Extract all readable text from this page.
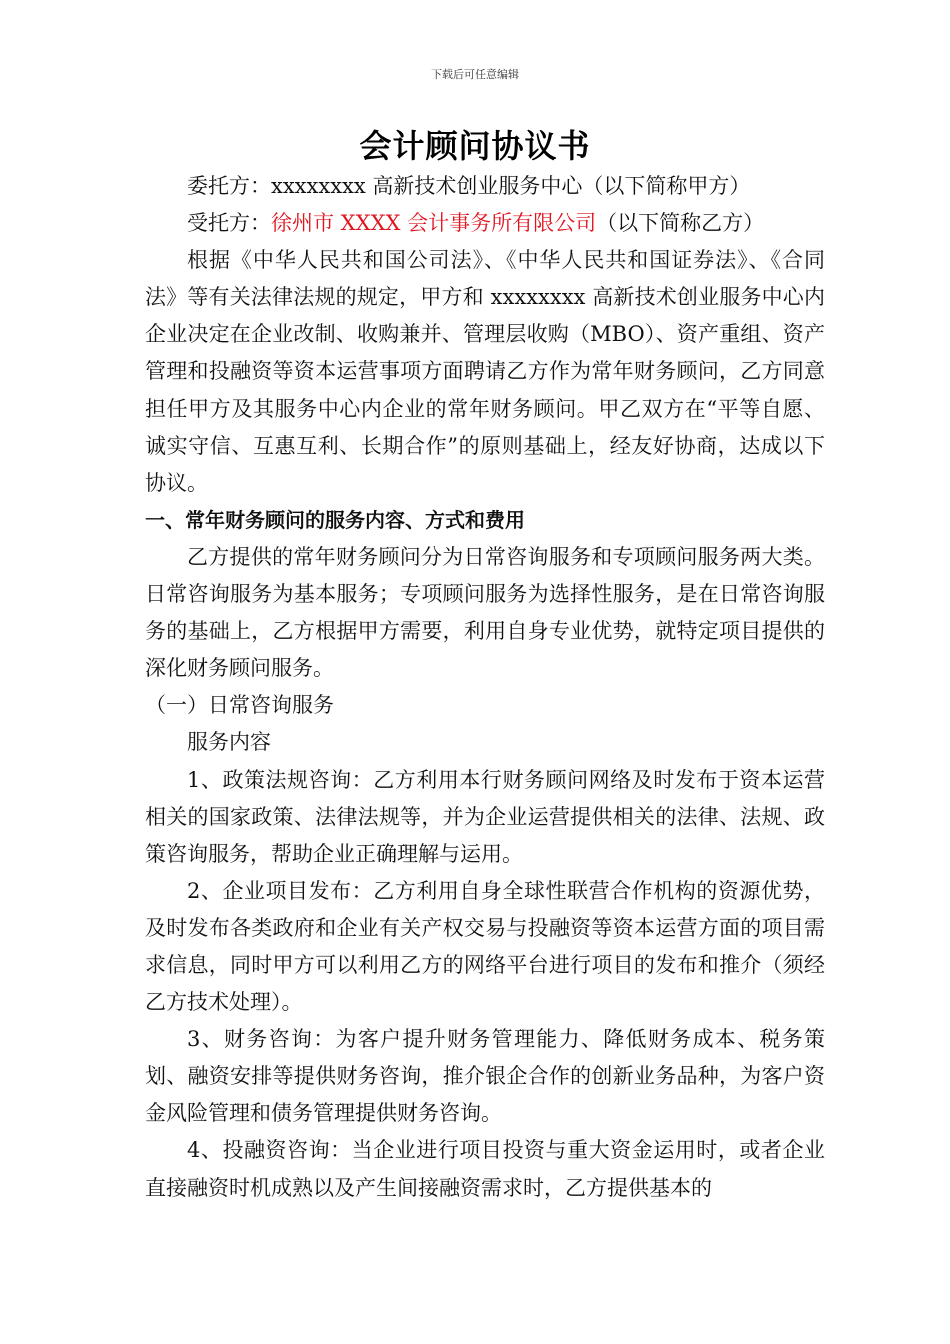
下载后可任意编辑
会计顾问协议书

委托方：xxxxxxxx 高新技术创业服务中心（以下简称甲方）

受托方：徐州市 XXXX 会计事务所有限公司（以下简称乙方）

根据《中华人民共和国公司法》、《中华人民共和国证券法》、《合同法》等有关法律法规的规定，甲方和 xxxxxxxx 高新技术创业服务中心内企业决定在企业改制、收购兼并、管理层收购（MBO）、资产重组、资产管理和投融资等资本运营事项方面聘请乙方作为常年财务顾问，乙方同意担任甲方及其服务中心内企业的常年财务顾问。甲乙双方在“平等自愿、诚实守信、互惠互利、长期合作”的原则基础上，经友好协商，达成以下协议。

一、常年财务顾问的服务内容、方式和费用

乙方提供的常年财务顾问分为日常咨询服务和专项顾问服务两大类。日常咨询服务为基本服务；专项顾问服务为选择性服务，是在日常咨询服务的基础上，乙方根据甲方需要，利用自身专业优势，就特定项目提供的深化财务顾问服务。

（一）日常咨询服务

服务内容

1、政策法规咨询：乙方利用本行财务顾问网络及时发布于资本运营相关的国家政策、法律法规等，并为企业运营提供相关的法律、法规、政策咨询服务，帮助企业正确理解与运用。

2、企业项目发布：乙方利用自身全球性联营合作机构的资源优势，及时发布各类政府和企业有关产权交易与投融资等资本运营方面的项目需求信息，同时甲方可以利用乙方的网络平台进行项目的发布和推介（须经乙方技术处理）。

3、财务咨询：为客户提升财务管理能力、降低财务成本、税务策划、融资安排等提供财务咨询，推介银企合作的创新业务品种，为客户资金风险管理和债务管理提供财务咨询。

4、投融资咨询：当企业进行项目投资与重大资金运用时，或者企业直接融资时机成熟以及产生间接融资需求时，乙方提供基本的
